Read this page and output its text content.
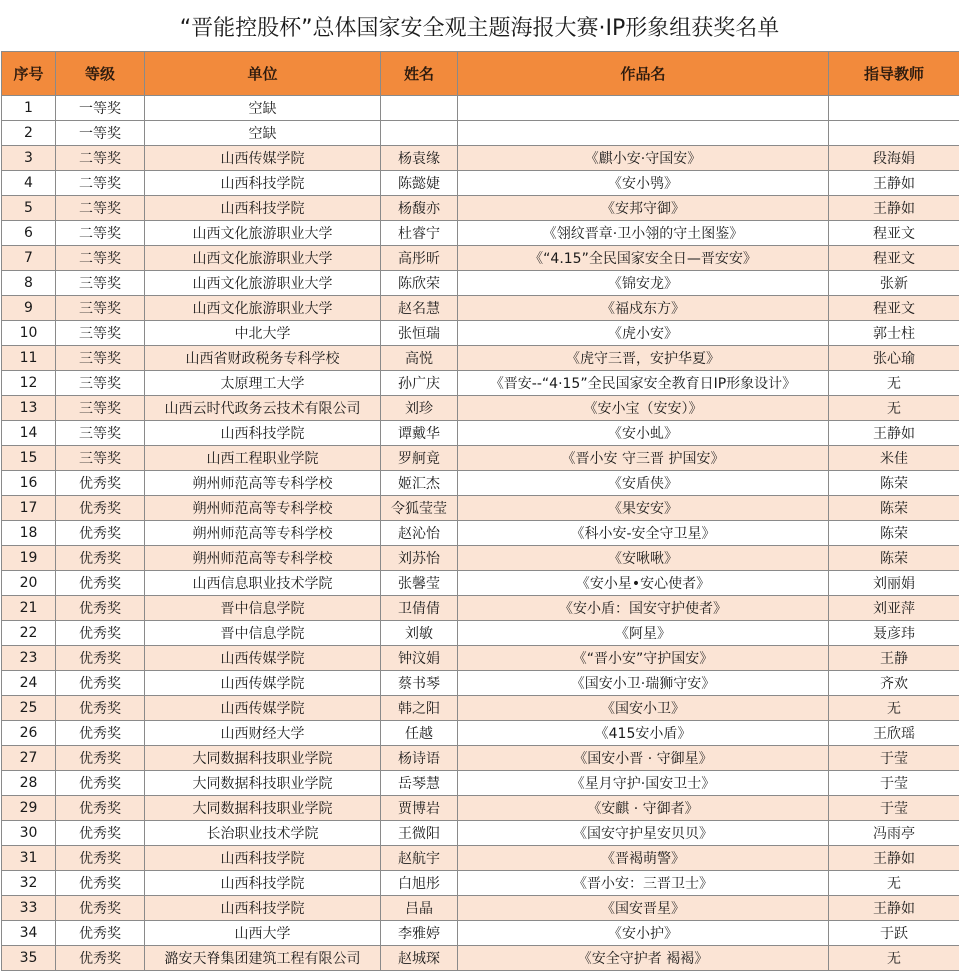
“晋能控股杯”总体国家安全观主题海报大赛·IP形象组获奖名单
序号	等级	单位	姓名	作品名	指导教师
1	一等奖	空缺			
2	一等奖	空缺			
3	二等奖	山西传媒学院	杨袁缘	《麒小安·守国安》	段海娟
4	二等奖	山西科技学院	陈懿婕	《安小鸮》	王静如
5	二等奖	山西科技学院	杨馥亦	《安邦守御》	王静如
6	二等奖	山西文化旅游职业大学	杜睿宁	《翎纹晋章·卫小翎的守土图鉴》	程亚文
7	二等奖	山西文化旅游职业大学	高彤昕	《“4.15”全民国家安全日—晋安安》	程亚文
8	三等奖	山西文化旅游职业大学	陈欣荣	《锦安龙》	张新
9	三等奖	山西文化旅游职业大学	赵名慧	《福戍东方》	程亚文
10	三等奖	中北大学	张恒瑞	《虎小安》	郭士柱
11	三等奖	山西省财政税务专科学校	高悦	《虎守三晋，安护华夏》	张心瑜
12	三等奖	太原理工大学	孙广庆	《晋安--“4·15”全民国家安全教育日IP形象设计》	无
13	三等奖	山西云时代政务云技术有限公司	刘珍	《安小宝（安安）》	无
14	三等奖	山西科技学院	谭戴华	《安小虬》	王静如
15	三等奖	山西工程职业学院	罗舸竟	《晋小安 守三晋 护国安》	米佳
16	优秀奖	朔州师范高等专科学校	姬汇杰	《安盾侠》	陈荣
17	优秀奖	朔州师范高等专科学校	令狐莹莹	《果安安》	陈荣
18	优秀奖	朔州师范高等专科学校	赵沁怡	《科小安-安全守卫星》	陈荣
19	优秀奖	朔州师范高等专科学校	刘苏怡	《安啾啾》	陈荣
20	优秀奖	山西信息职业技术学院	张馨莹	《安小星•安心使者》	刘丽娟
21	优秀奖	晋中信息学院	卫倩倩	《安小盾：国安守护使者》	刘亚萍
22	优秀奖	晋中信息学院	刘敏	《阿星》	聂彦玮
23	优秀奖	山西传媒学院	钟汶娟	《“晋小安”守护国安》	王静
24	优秀奖	山西传媒学院	蔡书琴	《国安小卫·瑞狮守安》	齐欢
25	优秀奖	山西传媒学院	韩之阳	《国安小卫》	无
26	优秀奖	山西财经大学	任越	《415安小盾》	王欣瑶
27	优秀奖	大同数据科技职业学院	杨诗语	《国安小晋 · 守御星》	于莹
28	优秀奖	大同数据科技职业学院	岳琴慧	《星月守护·国安卫士》	于莹
29	优秀奖	大同数据科技职业学院	贾博岩	《安麒 · 守御者》	于莹
30	优秀奖	长治职业技术学院	王微阳	《国安守护星安贝贝》	冯雨亭
31	优秀奖	山西科技学院	赵航宇	《晋褐萌警》	王静如
32	优秀奖	山西科技学院	白旭彤	《晋小安：三晋卫士》	无
33	优秀奖	山西科技学院	吕晶	《国安晋星》	王静如
34	优秀奖	山西大学	李雅婷	《安小护》	于跃
35	优秀奖	潞安天脊集团建筑工程有限公司	赵城琛	《安全守护者 褐褐》	无
